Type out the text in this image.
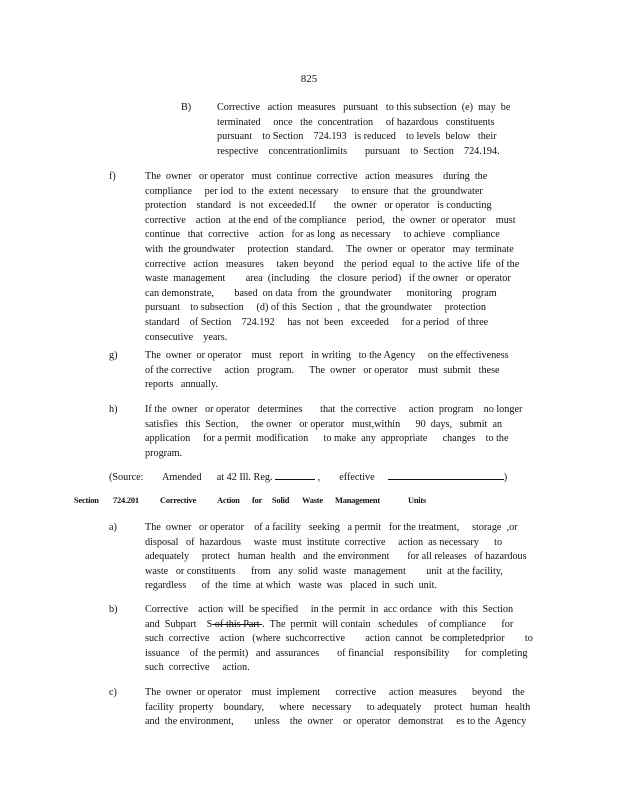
825
B)	Corrective   action  measures   pursuant   to this subsection  (e)  may  be
terminated     once   the  concentration     of hazardous   constituents
pursuant    to Section    724.193   is reduced    to levels  below   their
respective    concentrationlimits       pursuant    to  Section    724.194.
f)	The  owner   or operator   must  continue  corrective   action  measures    during  the
compliance     per iod  to  the  extent  necessary     to ensure  that  the  groundwater
protection    standard   is  not  exceeded.If       the  owner   or operator   is conducting
corrective    action   at the end  of the compliance    period,   the  owner  or operator    must
continue   that  corrective    action   for as long  as necessary     to achieve   compliance
with  the groundwater     protection   standard.     The  owner  or  operator   may  terminate
corrective   action   measures     taken  beyond    the  period  equal  to  the active  life  of the
waste  management        area  (including    the  closure  period)   if the owner   or operator
can demonstrate,        based  on data  from  the  groundwater      monitoring    program
pursuant    to subsection     (d) of this  Section  ,  that  the groundwater     protection
standard    of Section    724.192     has  not  been   exceeded     for a period   of three
consecutive    years.
g)	The  owner  or operator    must   report   in writing   to the Agency     on the effectiveness
of the corrective     action   program.      The  owner   or operator    must  submit   these
reports   annually.
h)	If the  owner   or operator   determines       that  the corrective     action  program    no longer
satisfies   this  Section,     the owner   or operator   must,within      90  days,   submit  an
application     for a permit  modification      to make  any  appropriate      changes    to the
program.
(Source: Amended at 42 Ill. Reg.	, effective	)
Section 724.201	Corrective	Action for Solid Waste Management	Units
a)	The  owner   or operator    of a facility   seeking   a permit   for the treatment,     storage  ,or
disposal   of  hazardous     waste  must  institute  corrective     action  as necessary      to
adequately     protect   human  health   and  the environment       for all releases   of hazardous
waste   or constituents      from   any  solid  waste   management        unit  at the facility,
regardless      of  the  time  at which   waste  was   placed  in  such  unit.
b)	Corrective    action  will  be specified     in the  permit  in  acc ordance   with  this  Section
and  Subpart    S of this Part .  The  permit  will contain   schedules    of compliance      for
such  corrective    action   (where  suchcorrective        action  cannot   be completedprior        to
issuance    of  the permit)   and  assurances       of financial    responsibility      for  completing
such  corrective     action.
c)	The  owner  or operator    must  implement      corrective     action  measures      beyond    the
facility  property    boundary,      where   necessary      to adequately     protect   human   health
and  the environment,        unless    the  owner    or  operator   demonstrat     es to the  Agency
